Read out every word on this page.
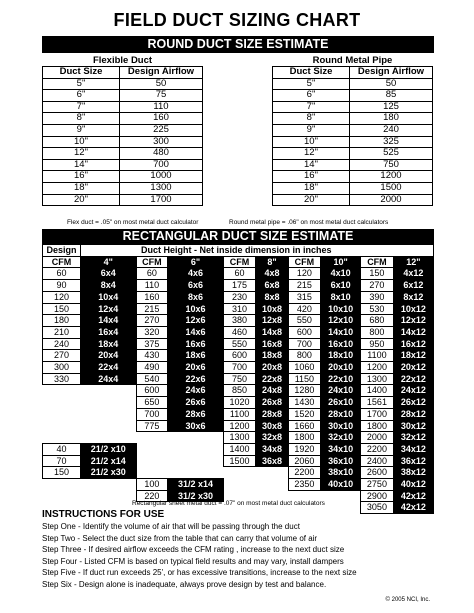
FIELD DUCT SIZING CHART
ROUND DUCT SIZE ESTIMATE
Flexible Duct	Round Metal Pipe
Duct Size	Design Airflow
5"	50
6"	75
7"	110
8"	160
9"	225
10"	300
12"	480
14"	700
16"	1000
18"	1300
20"	1700
Duct Size	Design Airflow
5"	50
6"	85
7"	125
8"	180
9"	240
10"	325
12"	525
14"	750
16"	1200
18"	1500
20"	2000
Flex duct = .05" on most metal duct calculator	Round metal pipe = .06" on most metal duct calculators
RECTANGULAR DUCT SIZE ESTIMATE
Design	Duct Height - Net inside dimension in inches								
CFM	4"	CFM	6"	CFM	8"	CFM	10"	CFM	12"
60	6x4	60	4x6	60	4x8	120	4x10	150	4x12
90	8x4	110	6x6	175	6x8	215	6x10	270	6x12
120	10x4	160	8x6	230	8x8	315	8x10	390	8x12
150	12x4	215	10x6	310	10x8	420	10x10	530	10x12
180	14x4	270	12x6	380	12x8	550	12x10	680	12x12
210	16x4	320	14x6	460	14x8	600	14x10	800	14x12
240	18x4	375	16x6	550	16x8	700	16x10	950	16x12
270	20x4	430	18x6	600	18x8	800	18x10	1100	18x12
300	22x4	490	20x6	700	20x8	1060	20x10	1200	20x12
330	24x4	540	22x6	750	22x8	1150	22x10	1300	22x12
		600	24x6	850	24x8	1280	24x10	1400	24x12
		650	26x6	1020	26x8	1430	26x10	1561	26x12
		700	28x6	1100	28x8	1520	28x10	1700	28x12
		775	30x6	1200	30x8	1660	30x10	1800	30x12
				1300	32x8	1800	32x10	2000	32x12
40	21/2 x10			1400	34x8	1920	34x10	2200	34x12
70	21/2 x14			1500	36x8	2060	36x10	2400	36x12
150	21/2 x30					2200	38x10	2600	38x12
		100	31/2 x14			2350	40x10	2750	40x12
		220	31/2 x30					2900	42x12
								3050	42x12
Rectangular sheet metal duct = .07" on most metal duct calculators
INSTRUCTIONS FOR USE
Step One - Identify the volume of air that will be passing through the duct
Step Two - Select the duct size from the table that can carry that volume of air
Step Three - If desired airflow exceeds the CFM rating , increase to the next duct size
Step Four - Listed CFM is based on typical field results and may vary, install dampers
Step Five - If duct run exceeds 25', or has excessive transitions, increase to the next size
Step Six - Design alone is inadequate, always prove design by test and balance.
© 2005 NCI, Inc.
